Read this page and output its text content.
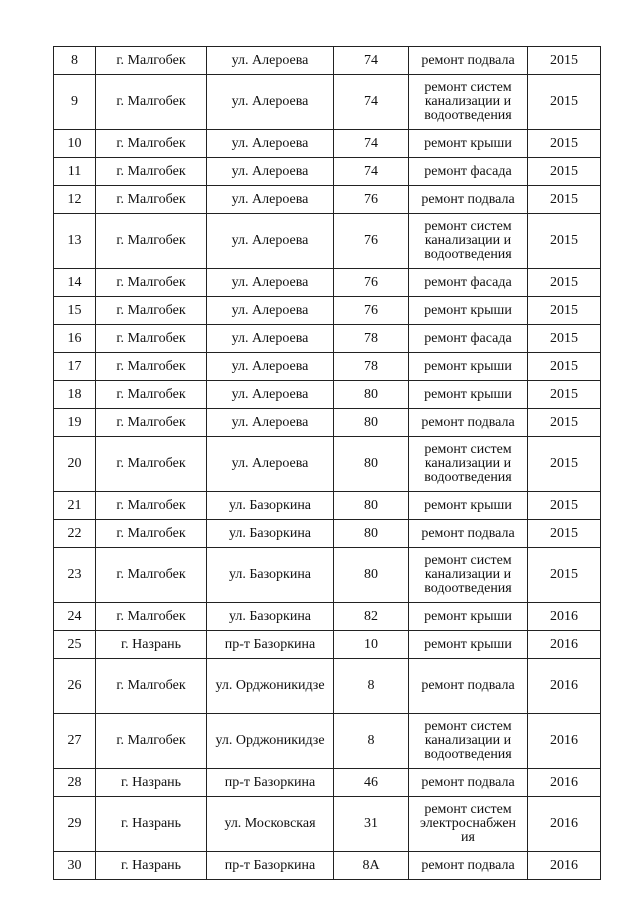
8	г. Малгобек	ул. Алероева	74	ремонт подвала	2015
9	г. Малгобек	ул. Алероева	74	ремонт систем канализации и водоотведения	2015
10	г. Малгобек	ул. Алероева	74	ремонт крыши	2015
11	г. Малгобек	ул. Алероева	74	ремонт фасада	2015
12	г. Малгобек	ул. Алероева	76	ремонт подвала	2015
13	г. Малгобек	ул. Алероева	76	ремонт систем канализации и водоотведения	2015
14	г. Малгобек	ул. Алероева	76	ремонт фасада	2015
15	г. Малгобек	ул. Алероева	76	ремонт крыши	2015
16	г. Малгобек	ул. Алероева	78	ремонт фасада	2015
17	г. Малгобек	ул. Алероева	78	ремонт крыши	2015
18	г. Малгобек	ул. Алероева	80	ремонт крыши	2015
19	г. Малгобек	ул. Алероева	80	ремонт подвала	2015
20	г. Малгобек	ул. Алероева	80	ремонт систем канализации и водоотведения	2015
21	г. Малгобек	ул. Базоркина	80	ремонт крыши	2015
22	г. Малгобек	ул. Базоркина	80	ремонт подвала	2015
23	г. Малгобек	ул. Базоркина	80	ремонт систем канализации и водоотведения	2015
24	г. Малгобек	ул. Базоркина	82	ремонт крыши	2016
25	г. Назрань	пр-т Базоркина	10	ремонт крыши	2016
26	г. Малгобек	ул. Орджоникидзе	8	ремонт подвала	2016
27	г. Малгобек	ул. Орджоникидзе	8	ремонт систем канализации и водоотведения	2016
28	г. Назрань	пр-т Базоркина	46	ремонт подвала	2016
29	г. Назрань	ул. Московская	31	ремонт систем электроснабжен ия	2016
30	г. Назрань	пр-т Базоркина	8А	ремонт подвала	2016
